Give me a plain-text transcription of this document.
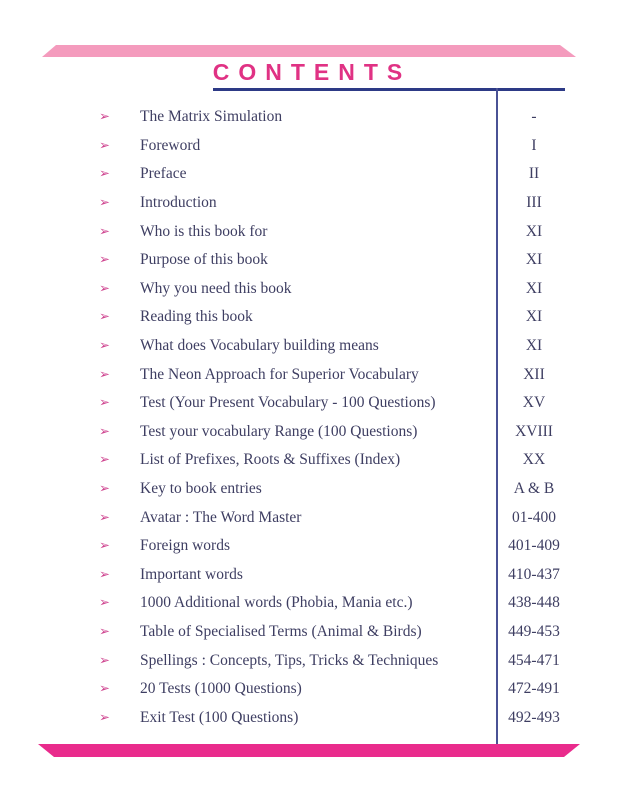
CONTENTS
➢ The Matrix Simulation	-
➢ Foreword	I
➢ Preface	II
➢ Introduction	III
➢ Who is this book for	XI
➢ Purpose of this book	XI
➢ Why you need this book	XI
➢ Reading this book	XI
➢ What does Vocabulary building means	XI
➢ The Neon Approach for Superior Vocabulary	XII
➢ Test (Your Present Vocabulary - 100 Questions)	XV
➢ Test your vocabulary Range (100 Questions)	XVIII
➢ List of Prefixes, Roots & Suffixes (Index)	XX
➢ Key to book entries	A & B
➢ Avatar : The Word Master	01-400
➢ Foreign words	401-409
➢ Important words	410-437
➢ 1000 Additional words (Phobia, Mania etc.)	438-448
➢ Table of Specialised Terms (Animal & Birds)	449-453
➢ Spellings : Concepts, Tips, Tricks & Techniques	454-471
➢ 20 Tests (1000 Questions)	472-491
➢ Exit Test (100 Questions)	492-493
